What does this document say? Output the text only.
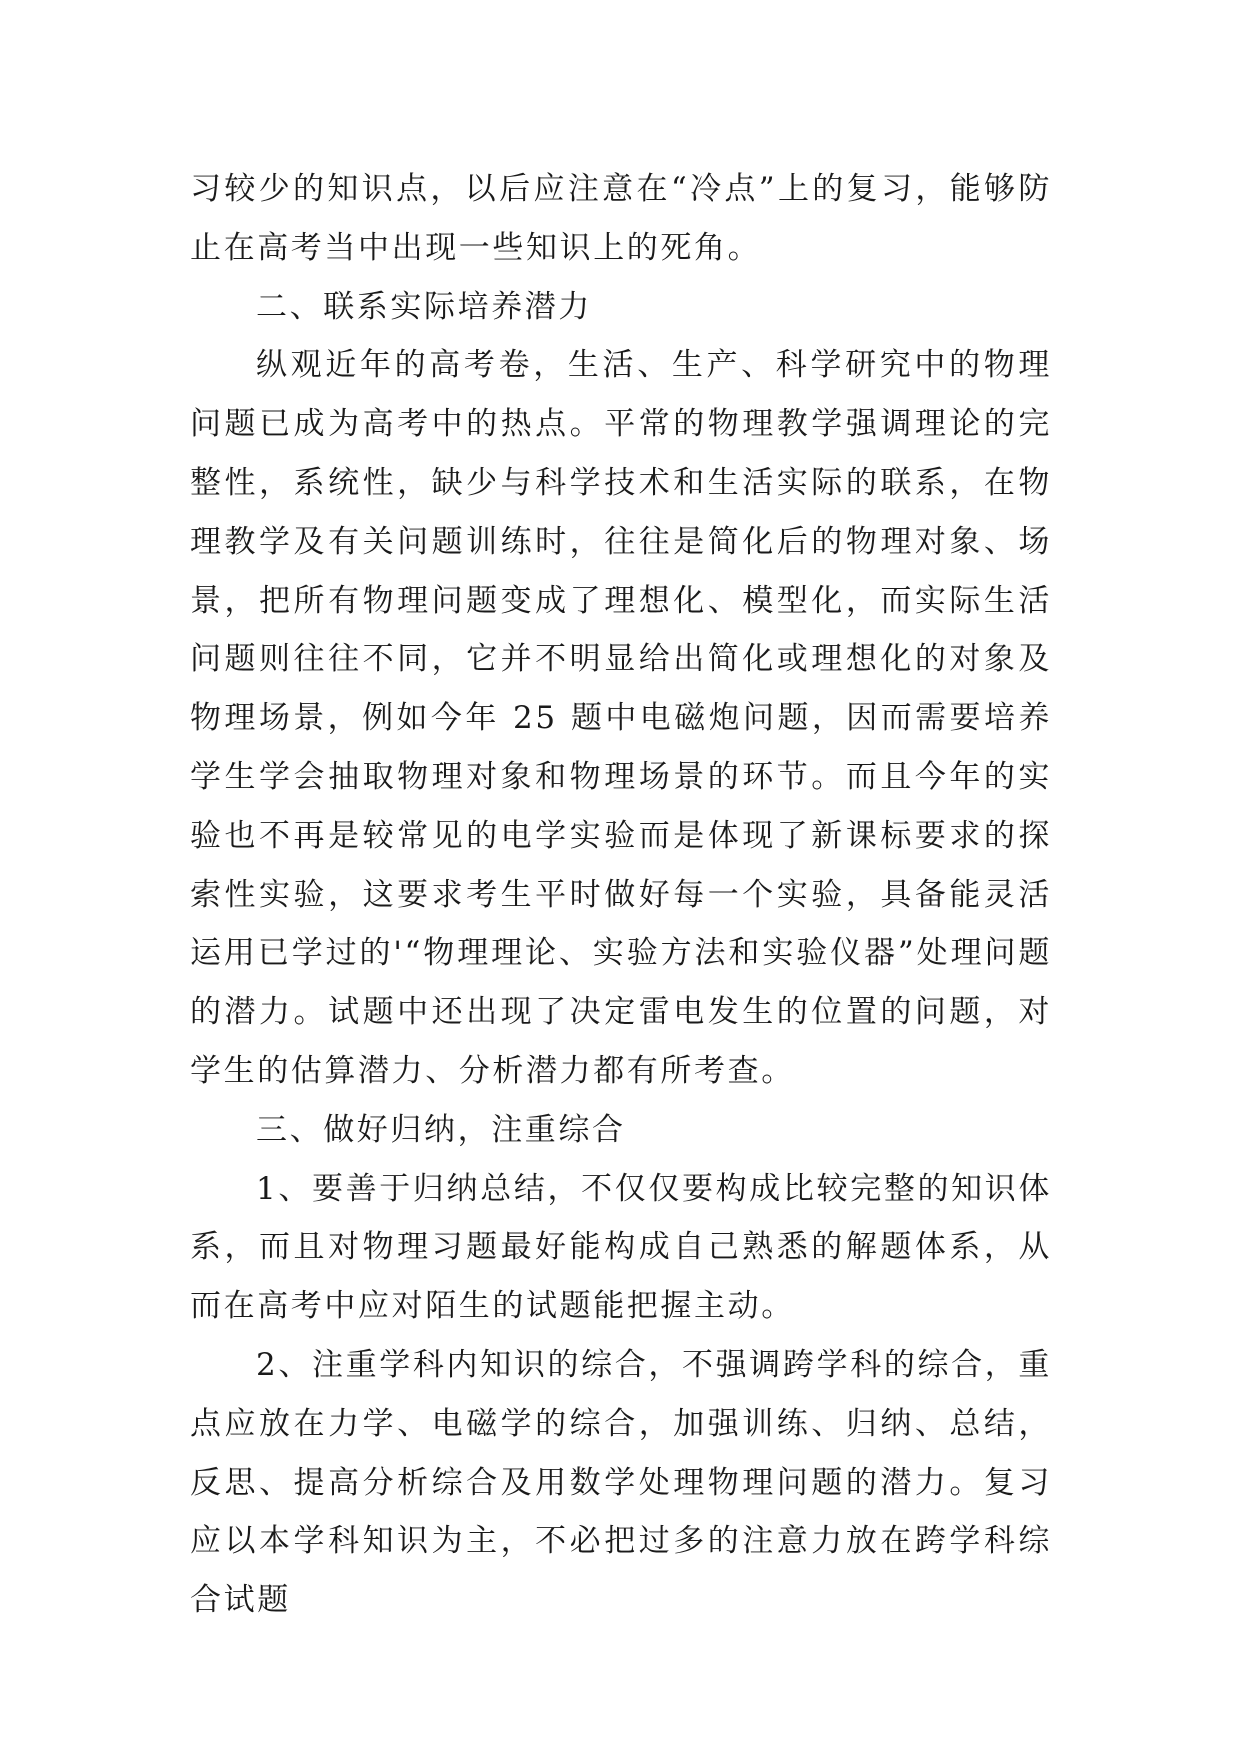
习较少的知识点，以后应注意在“冷点”上的复习，能够防止在高考当中出现一些知识上的死角。

二、联系实际培养潜力

纵观近年的高考卷，生活、生产、科学研究中的物理问题已成为高考中的热点。平常的物理教学强调理论的完整性，系统性，缺少与科学技术和生活实际的联系，在物理教学及有关问题训练时，往往是简化后的物理对象、场景，把所有物理问题变成了理想化、模型化，而实际生活问题则往往不同，它并不明显给出简化或理想化的对象及物理场景，例如今年 25 题中电磁炮问题，因而需要培养学生学会抽取物理对象和物理场景的环节。而且今年的实验也不再是较常见的电学实验而是体现了新课标要求的探索性实验，这要求考生平时做好每一个实验，具备能灵活运用已学过的'“物理理论、实验方法和实验仪器”处理问题的潜力。试题中还出现了决定雷电发生的位置的问题，对学生的估算潜力、分析潜力都有所考查。

三、做好归纳，注重综合

1、要善于归纳总结，不仅仅要构成比较完整的知识体系，而且对物理习题最好能构成自己熟悉的解题体系，从而在高考中应对陌生的试题能把握主动。

2、注重学科内知识的综合，不强调跨学科的综合，重点应放在力学、电磁学的综合，加强训练、归纳、总结，反思、提高分析综合及用数学处理物理问题的潜力。复习应以本学科知识为主，不必把过多的注意力放在跨学科综合试题
